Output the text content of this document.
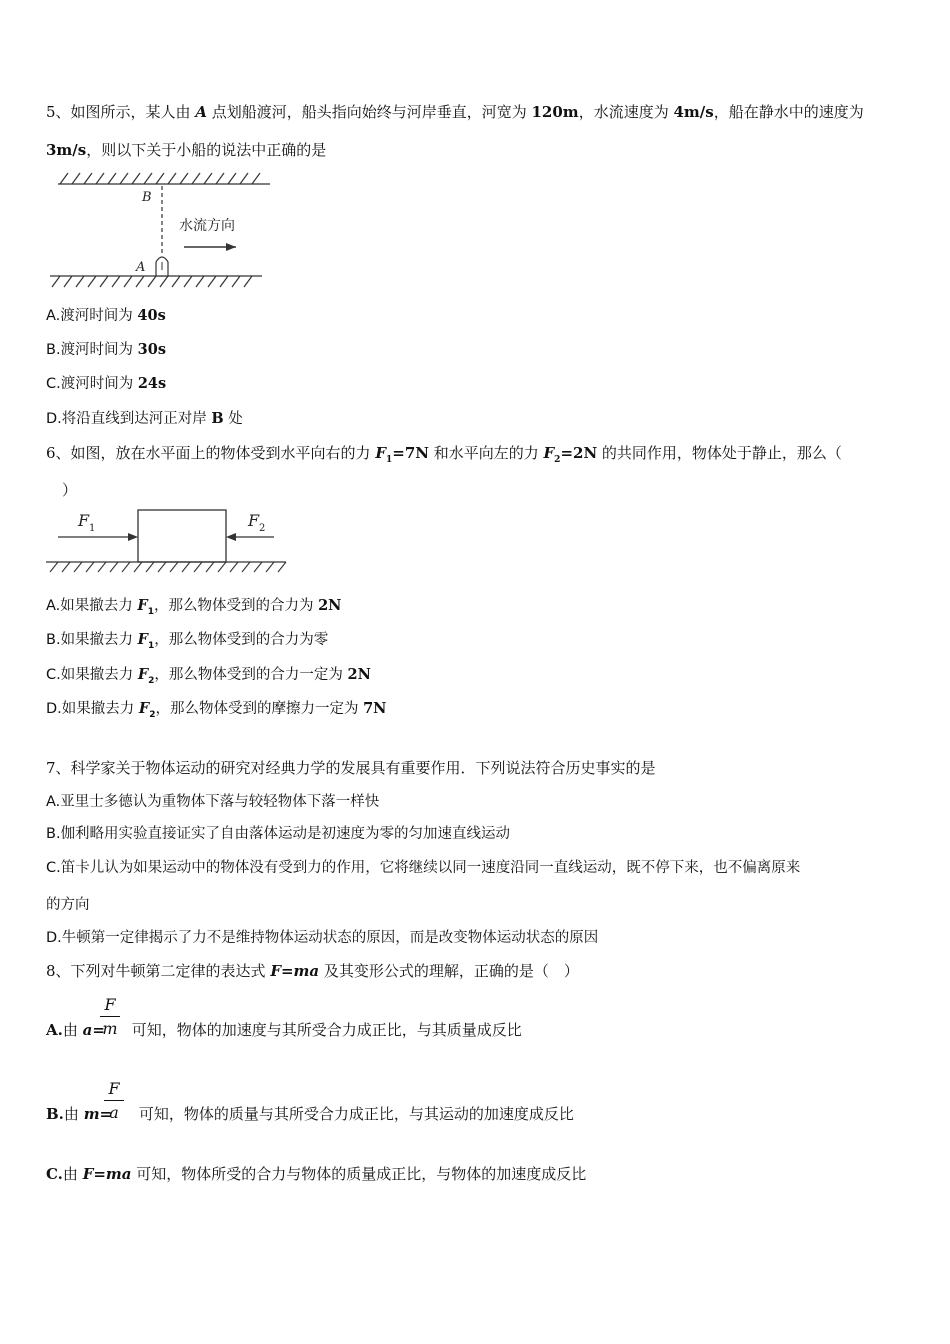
5、如图所示，某人由 A 点划船渡河，船头指向始终与河岸垂直，河宽为 120m，水流速度为 4m/s，船在静水中的速度为
3m/s，则以下关于小船的说法中正确的是
B
A
水流方向
A.渡河时间为 40s
B.渡河时间为 30s
C.渡河时间为 24s
D.将沿直线到达河正对岸 B 处
6、如图，放在水平面上的物体受到水平向右的力 $F_1=7N$ 和水平向左的力 $F_2=2N$ 的共同作用，物体处于静止，那么（
）
F 1	F 2
A.如果撤去力 $F_1$，那么物体受到的合力为 2N
B.如果撤去力 $F_1$，那么物体受到的合力为零
C.如果撤去力 $F_2$，那么物体受到的合力一定为 2N
D.如果撤去力 $F_2$，那么物体受到的摩擦力一定为 7N
7、科学家关于物体运动的研究对经典力学的发展具有重要作用．下列说法符合历史事实的是
A.亚里士多德认为重物体下落与较轻物体下落一样快
B.伽利略用实验直接证实了自由落体运动是初速度为零的匀加速直线运动
C.笛卡儿认为如果运动中的物体没有受到力的作用，它将继续以同一速度沿同一直线运动，既不停下来，也不偏离原来
的方向
D.牛顿第一定律揭示了力不是维持物体运动状态的原因，而是改变物体运动状态的原因
8、下列对牛顿第二定律的表达式 F=ma 及其变形公式的理解，正确的是（　）
A.由 a= 可知，物体的加速度与其所受合力成正比，与其质量成反比
F
m
B.由 m= 可知，物体的质量与其所受合力成正比，与其运动的加速度成反比
F
a
C.由 F=ma 可知，物体所受的合力与物体的质量成正比，与物体的加速度成反比
